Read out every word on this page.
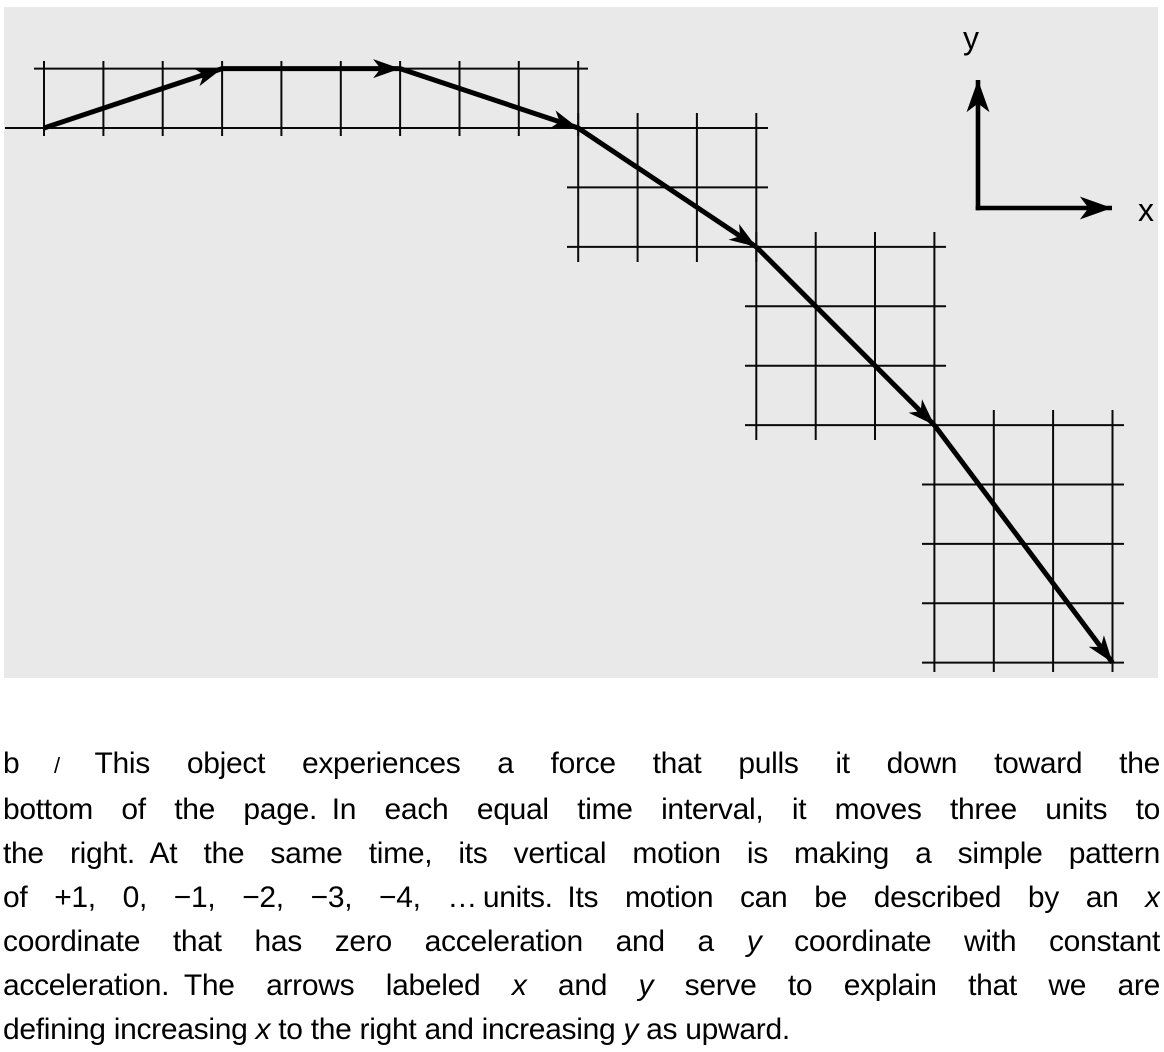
y
x
b / This object experiences a force that pulls it down toward the
bottom of the page. In each equal time interval, it moves three units to
the right. At the same time, its vertical motion is making a simple pattern
of +1, 0, −1, −2, −3, −4, … units. Its motion can be described by an x
coordinate that has zero acceleration and a y coordinate with constant
acceleration. The arrows labeled x and y serve to explain that we are
defining increasing x to the right and increasing y as upward.
